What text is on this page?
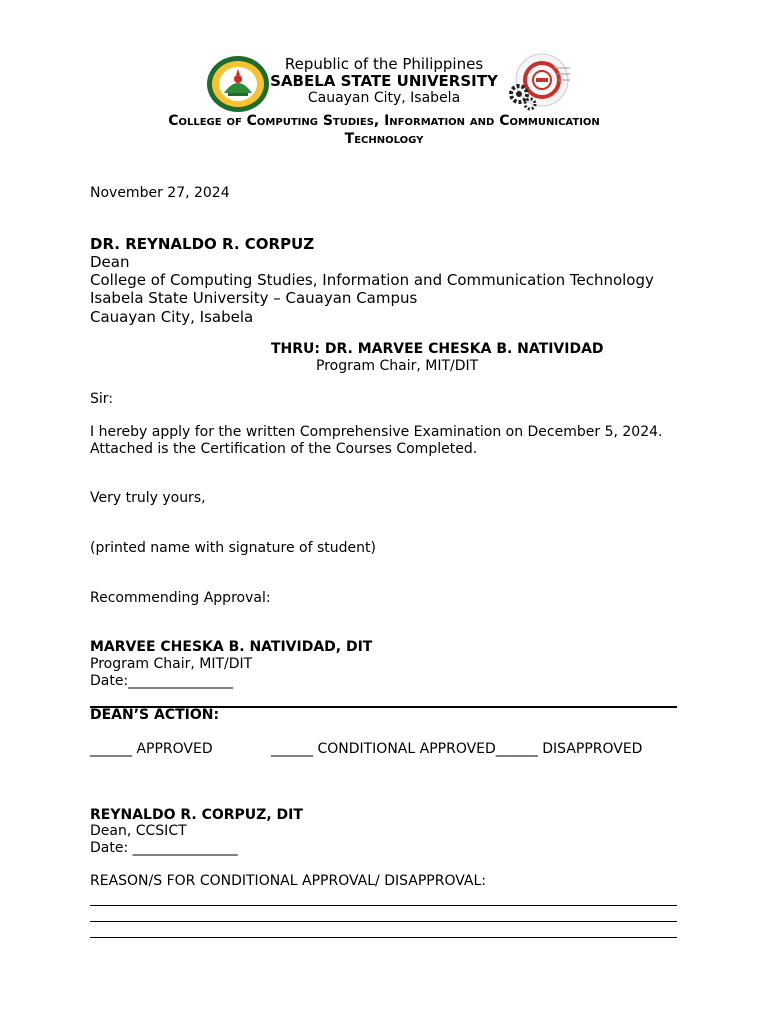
Republic of the Philippines
SABELA STATE UNIVERSITY
Cauayan City, Isabela
College of Computing Studies, Information and Communication
Technology
November 27, 2024
DR. REYNALDO R. CORPUZ
Dean
College of Computing Studies, Information and Communication Technology
Isabela State University – Cauayan Campus
Cauayan City, Isabela
THRU: DR. MARVEE CHESKA B. NATIVIDAD
Program Chair, MIT/DIT
Sir:
I hereby apply for the written Comprehensive Examination on December 5, 2024.
Attached is the Certification of the Courses Completed.
Very truly yours,
(printed name with signature of student)
Recommending Approval:
MARVEE CHESKA B. NATIVIDAD, DIT
Program Chair, MIT/DIT
Date:_______________
DEAN’S ACTION:
______ APPROVED	______ CONDITIONAL APPROVED______ DISAPPROVED
REYNALDO R. CORPUZ, DIT
Dean, CCSICT
Date: _______________
REASON/S FOR CONDITIONAL APPROVAL/ DISAPPROVAL:
